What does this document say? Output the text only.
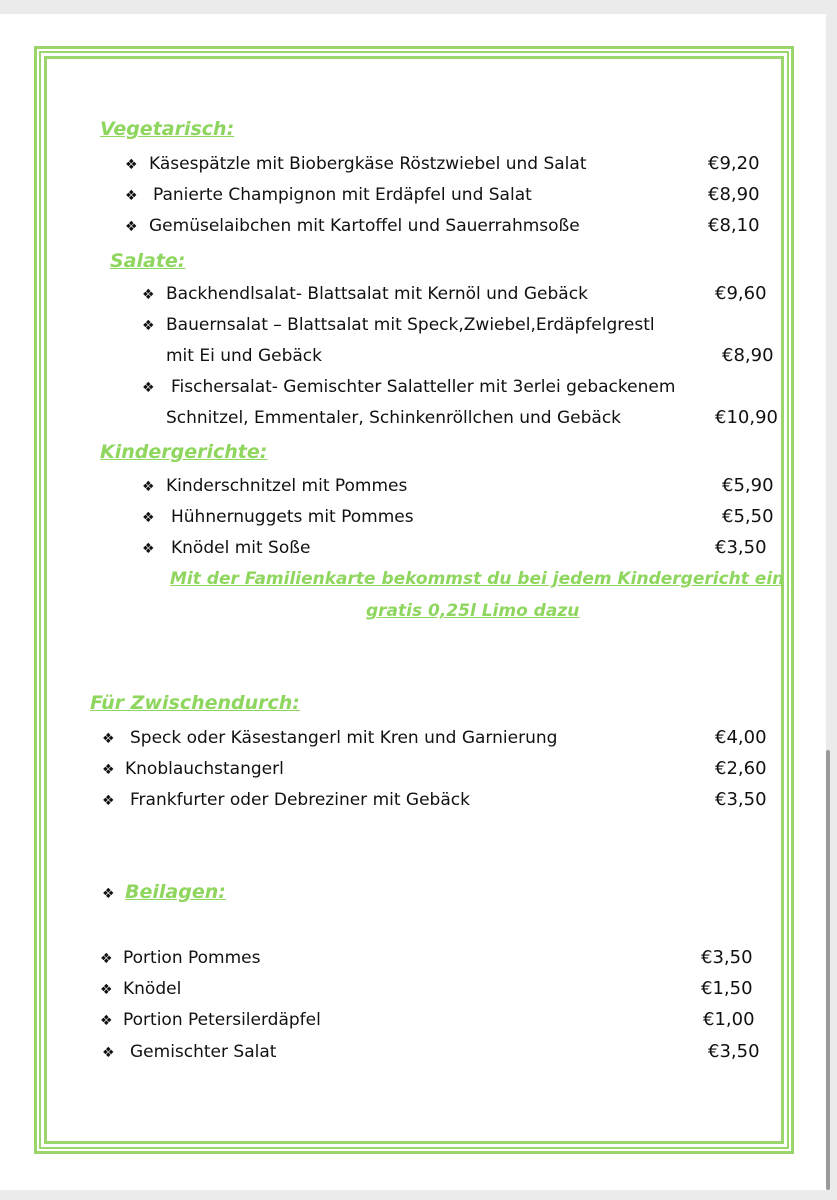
Vegetarisch:
❖ Käsespätzle mit Biobergkäse Röstzwiebel und Salat	€9,20
❖ Panierte Champignon mit Erdäpfel und Salat	€8,90
❖ Gemüselaibchen mit Kartoffel und Sauerrahmsoße	€8,10
Salate:
❖ Backhendlsalat- Blattsalat mit Kernöl und Gebäck	€9,60
❖ Bauernsalat – Blattsalat mit Speck,Zwiebel,Erdäpfelgrestl
mit Ei und Gebäck	€8,90
❖ Fischersalat- Gemischter Salatteller mit 3erlei gebackenem
Schnitzel, Emmentaler, Schinkenröllchen und Gebäck	€10,90
Kindergerichte:
❖ Kinderschnitzel mit Pommes	€5,90
❖ Hühnernuggets mit Pommes	€5,50
❖ Knödel mit Soße	€3,50
Mit der Familienkarte bekommst du bei jedem Kindergericht ein
gratis 0,25l Limo dazu
Für Zwischendurch:
❖ Speck oder Käsestangerl mit Kren und Garnierung	€4,00
❖ Knoblauchstangerl	€2,60
❖ Frankfurter oder Debreziner mit Gebäck	€3,50
❖ Beilagen:
❖ Portion Pommes	€3,50
❖ Knödel	€1,50
❖ Portion Petersilerdäpfel	€1,00
❖ Gemischter Salat	€3,50
